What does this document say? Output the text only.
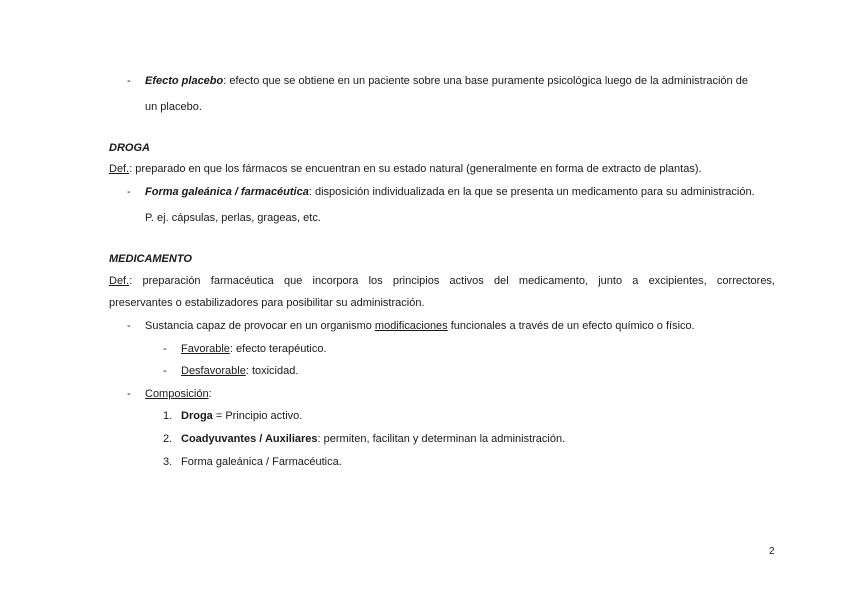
- Efecto placebo: efecto que se obtiene en un paciente sobre una base puramente psicológica luego de la administración de
un placebo.
DROGA
Def.: preparado en que los fármacos se encuentran en su estado natural (generalmente en forma de extracto de plantas).
- Forma galeánica / farmacéutica: disposición individualizada en la que se presenta un medicamento para su administración.
P. ej. cápsulas, perlas, grageas, etc.
MEDICAMENTO
Def.: preparación farmacéutica que incorpora los principios activos del medicamento, junto a excipientes, correctores,
preservantes o estabilizadores para posibilitar su administración.
- Sustancia capaz de provocar en un organismo modificaciones funcionales a través de un efecto químico o físico.
- Favorable: efecto terapéutico.
- Desfavorable: toxicidad.
- Composición:
1. Droga = Principio activo.
2. Coadyuvantes / Auxiliares: permiten, facilitan y determinan la administración.
3. Forma galeánica / Farmacéutica.
2
